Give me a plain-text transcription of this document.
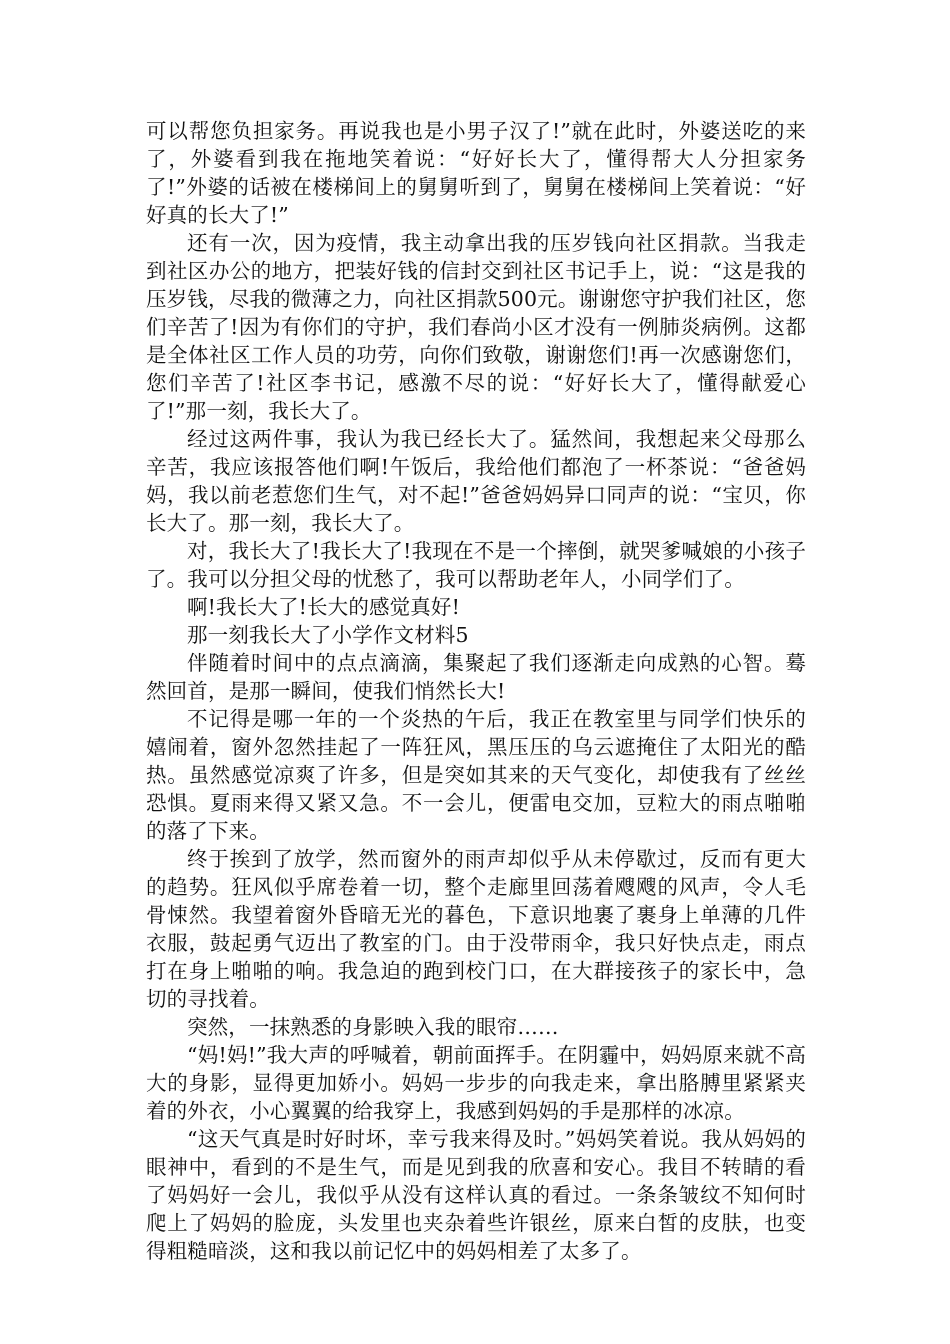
可以帮您负担家务。再说我也是小男子汉了!”就在此时，外婆送吃的来了，外婆看到我在拖地笑着说：“好好长大了，懂得帮大人分担家务了!”外婆的话被在楼梯间上的舅舅听到了，舅舅在楼梯间上笑着说：“好好真的长大了!”

还有一次，因为疫情，我主动拿出我的压岁钱向社区捐款。当我走到社区办公的地方，把装好钱的信封交到社区书记手上，说：“这是我的压岁钱，尽我的微薄之力，向社区捐款500元。谢谢您守护我们社区，您们辛苦了!因为有你们的守护，我们春尚小区才没有一例肺炎病例。这都是全体社区工作人员的功劳，向你们致敬，谢谢您们!再一次感谢您们，您们辛苦了!社区李书记，感激不尽的说：“好好长大了，懂得献爱心了!”那一刻，我长大了。

经过这两件事，我认为我已经长大了。猛然间，我想起来父母那么辛苦，我应该报答他们啊!午饭后，我给他们都泡了一杯茶说：“爸爸妈妈，我以前老惹您们生气，对不起!”爸爸妈妈异口同声的说：“宝贝，你长大了。那一刻，我长大了。

对，我长大了!我长大了!我现在不是一个摔倒，就哭爹喊娘的小孩子了。我可以分担父母的忧愁了，我可以帮助老年人，小同学们了。

啊!我长大了!长大的感觉真好!

那一刻我长大了小学作文材料5

伴随着时间中的点点滴滴，集聚起了我们逐渐走向成熟的心智。蓦然回首，是那一瞬间，使我们悄然长大!

不记得是哪一年的一个炎热的午后，我正在教室里与同学们快乐的嬉闹着，窗外忽然挂起了一阵狂风，黑压压的乌云遮掩住了太阳光的酷热。虽然感觉凉爽了许多，但是突如其来的天气变化，却使我有了丝丝恐惧。夏雨来得又紧又急。不一会儿，便雷电交加，豆粒大的雨点啪啪的落了下来。

终于挨到了放学，然而窗外的雨声却似乎从未停歇过，反而有更大的趋势。狂风似乎席卷着一切，整个走廊里回荡着飕飕的风声，令人毛骨悚然。我望着窗外昏暗无光的暮色，下意识地裹了裹身上单薄的几件衣服，鼓起勇气迈出了教室的门。由于没带雨伞，我只好快点走，雨点打在身上啪啪的响。我急迫的跑到校门口，在大群接孩子的家长中，急切的寻找着。

突然，一抹熟悉的身影映入我的眼帘……

“妈!妈!”我大声的呼喊着，朝前面挥手。在阴霾中，妈妈原来就不高大的身影，显得更加娇小。妈妈一步步的向我走来，拿出胳膊里紧紧夹着的外衣，小心翼翼的给我穿上，我感到妈妈的手是那样的冰凉。

“这天气真是时好时坏，幸亏我来得及时。”妈妈笑着说。我从妈妈的眼神中，看到的不是生气，而是见到我的欣喜和安心。我目不转睛的看了妈妈好一会儿，我似乎从没有这样认真的看过。一条条皱纹不知何时爬上了妈妈的脸庞，头发里也夹杂着些许银丝，原来白皙的皮肤，也变得粗糙暗淡，这和我以前记忆中的妈妈相差了太多了。
